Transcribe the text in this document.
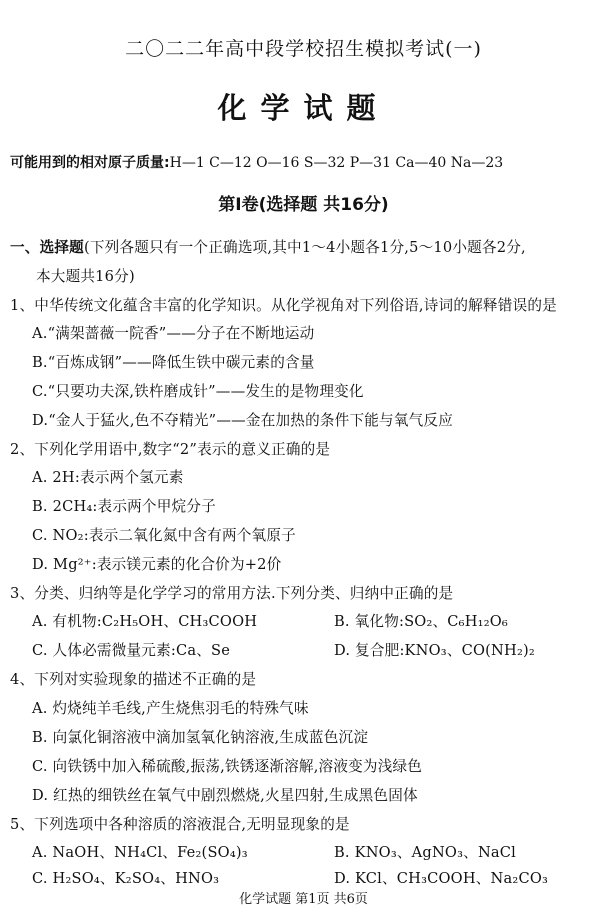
二〇二二年高中段学校招生模拟考试(一)
化学试题
可能用到的相对原子质量:H—1 C—12 O—16 S—32 P—31 Ca—40 Na—23
第Ⅰ卷(选择题 共16分)
一、选择题(下列各题只有一个正确选项,其中1～4小题各1分,5～10小题各2分,
本大题共16分)
1、中华传统文化蕴含丰富的化学知识。从化学视角对下列俗语,诗词的解释错误的是
A.“满架蔷薇一院香”——分子在不断地运动
B.“百炼成钢”——降低生铁中碳元素的含量
C.“只要功夫深,铁杵磨成针”——发生的是物理变化
D.“金人于猛火,色不夺精光”——金在加热的条件下能与氧气反应
2、下列化学用语中,数字“2”表示的意义正确的是
A. 2H:表示两个氢元素
B. 2CH₄:表示两个甲烷分子
C. NO₂:表示二氧化氮中含有两个氧原子
D. Mg²⁺:表示镁元素的化合价为+2价
3、分类、归纳等是化学学习的常用方法.下列分类、归纳中正确的是
A. 有机物:C₂H₅OH、CH₃COOH	B. 氧化物:SO₂、C₆H₁₂O₆
C. 人体必需微量元素:Ca、Se	D. 复合肥:KNO₃、CO(NH₂)₂
4、下列对实验现象的描述不正确的是
A. 灼烧纯羊毛线,产生烧焦羽毛的特殊气味
B. 向氯化铜溶液中滴加氢氧化钠溶液,生成蓝色沉淀
C. 向铁锈中加入稀硫酸,振荡,铁锈逐渐溶解,溶液变为浅绿色
D. 红热的细铁丝在氧气中剧烈燃烧,火星四射,生成黑色固体
5、下列选项中各种溶质的溶液混合,无明显现象的是
A. NaOH、NH₄Cl、Fe₂(SO₄)₃	B. KNO₃、AgNO₃、NaCl
C. H₂SO₄、K₂SO₄、HNO₃	D. KCl、CH₃COOH、Na₂CO₃
化学试题 第1页 共6页
